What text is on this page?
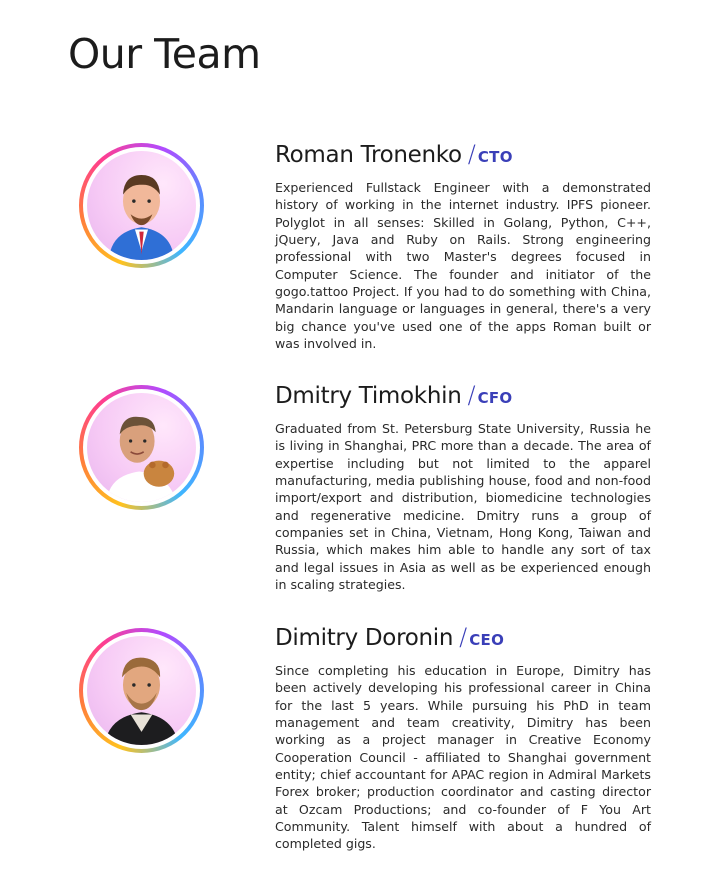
Our Team
Roman Tronenko / CTO

Experienced Fullstack Engineer with a demonstrated history of working in the internet industry. IPFS pioneer. Polyglot in all senses: Skilled in Golang, Python, C++, jQuery, Java and Ruby on Rails. Strong engineering professional with two Master's degrees focused in Computer Science. The founder and initiator of the gogo.tattoo Project. If you had to do something with China, Mandarin language or languages in general, there's a very big chance you've used one of the apps Roman built or was involved in.

Dmitry Timokhin / CFO

Graduated from St. Petersburg State University, Russia he is living in Shanghai, PRC more than a decade. The area of expertise including but not limited to the apparel manufacturing, media publishing house, food and non-food import/export and distribution, biomedicine technologies and regenerative medicine. Dmitry runs a group of companies set in China, Vietnam, Hong Kong, Taiwan and Russia, which makes him able to handle any sort of tax and legal issues in Asia as well as be experienced enough in scaling strategies.

Dimitry Doronin / CEO

Since completing his education in Europe, Dimitry has been actively developing his professional career in China for the last 5 years. While pursuing his PhD in team management and team creativity, Dimitry has been working as a project manager in Creative Economy Cooperation Council - affiliated to Shanghai government entity; chief accountant for APAC region in Admiral Markets Forex broker; production coordinator and casting director at Ozcam Productions; and co-founder of F You Art Community. Talent himself with about a hundred of completed gigs.
